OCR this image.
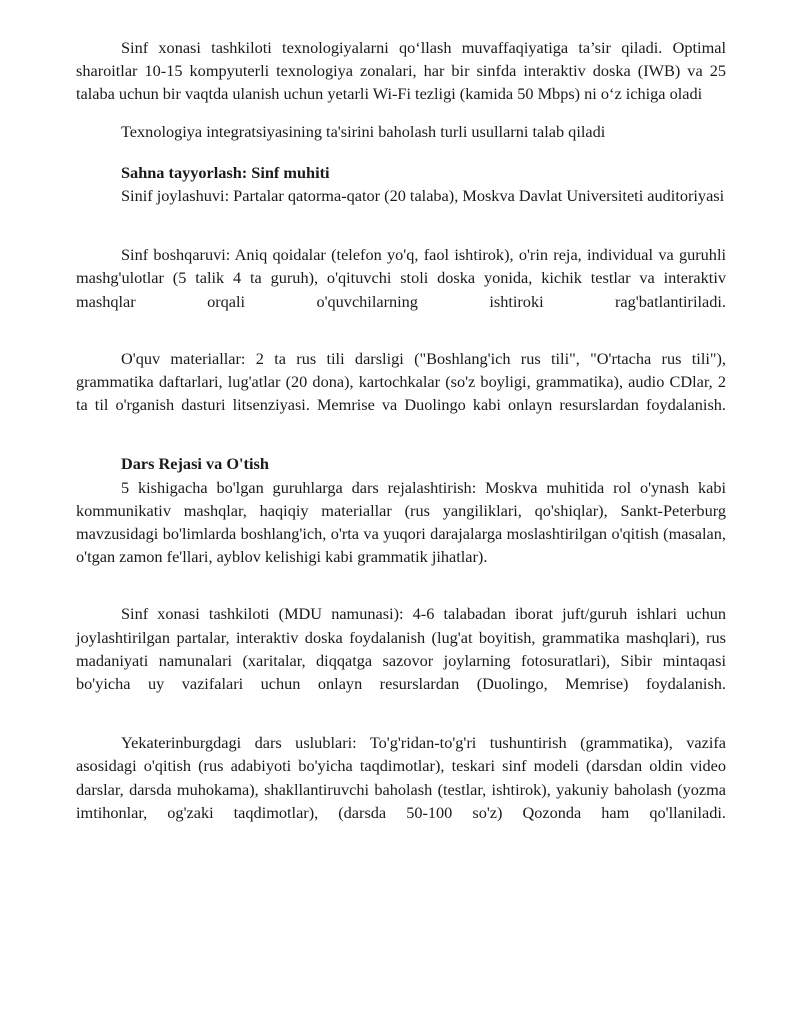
Sinf xonasi tashkiloti texnologiyalarni qo‘llash muvaffaqiyatiga ta’sir qiladi. Optimal sharoitlar 10-15 kompyuterli texnologiya zonalari, har bir sinfda interaktiv doska (IWB) va 25 talaba uchun bir vaqtda ulanish uchun yetarli Wi-Fi tezligi (kamida 50 Mbps) ni o‘z ichiga oladi

Texnologiya integratsiyasining ta'sirini baholash turli usullarni talab qiladi

Sahna tayyorlash: Sinf muhiti

Sinif joylashuvi: Partalar qatorma-qator (20 talaba), Moskva Davlat Universiteti auditoriyasi

Sinf boshqaruvi: Aniq qoidalar (telefon yo'q, faol ishtirok), o'rin reja, individual va guruhli mashg'ulotlar (5 talik 4 ta guruh), o'qituvchi stoli doska yonida, kichik testlar va interaktiv mashqlar orqali o'quvchilarning ishtiroki rag'batlantiriladi.

O'quv materiallar: 2 ta rus tili darsligi ("Boshlang'ich rus tili", "O'rtacha rus tili"), grammatika daftarlari, lug'atlar (20 dona), kartochkalar (so'z boyligi, grammatika), audio CDlar, 2 ta til o'rganish dasturi litsenziyasi. Memrise va Duolingo kabi onlayn resurslardan foydalanish.

Dars Rejasi va O'tish

5 kishigacha bo'lgan guruhlarga dars rejalashtirish: Moskva muhitida rol o'ynash kabi kommunikativ mashqlar, haqiqiy materiallar (rus yangiliklari, qo'shiqlar), Sankt-Peterburg mavzusidagi bo'limlarda boshlang'ich, o'rta va yuqori darajalarga moslashtirilgan o'qitish (masalan, o'tgan zamon fe'llari, ayblov kelishigi kabi grammatik jihatlar).

Sinf xonasi tashkiloti (MDU namunasi): 4-6 talabadan iborat juft/guruh ishlari uchun joylashtirilgan partalar, interaktiv doska foydalanish (lug'at boyitish, grammatika mashqlari), rus madaniyati namunalari (xaritalar, diqqatga sazovor joylarning fotosuratlari), Sibir mintaqasi bo'yicha uy vazifalari uchun onlayn resurslardan (Duolingo, Memrise) foydalanish.

Yekaterinburgdagi dars uslublari: To'g'ridan-to'g'ri tushuntirish (grammatika), vazifa asosidagi o'qitish (rus adabiyoti bo'yicha taqdimotlar), teskari sinf modeli (darsdan oldin video darslar, darsda muhokama), shakllantiruvchi baholash (testlar, ishtirok), yakuniy baholash (yozma imtihonlar, og'zaki taqdimotlar), (darsda 50-100 so'z) Qozonda ham qo'llaniladi.
